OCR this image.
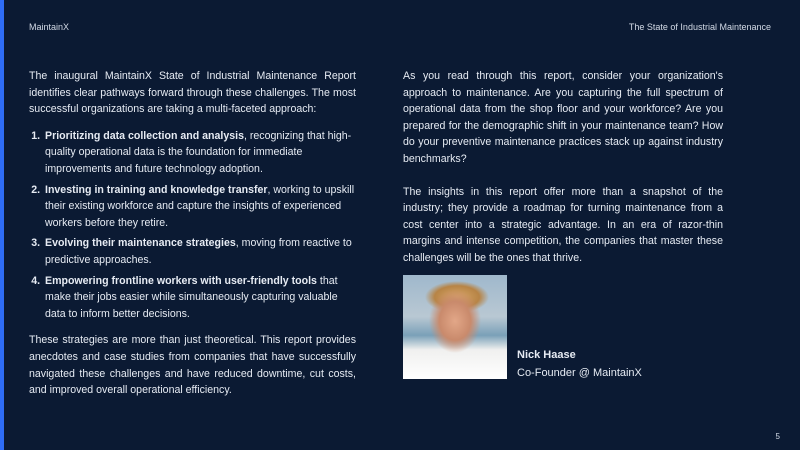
MaintainX	The State of Industrial Maintenance

The inaugural MaintainX State of Industrial Maintenance Report identifies clear pathways forward through these challenges. The most successful organizations are taking a multi-faceted approach:

1. Prioritizing data collection and analysis, recognizing that high-quality operational data is the foundation for immediate improvements and future technology adoption.
2. Investing in training and knowledge transfer, working to upskill their existing workforce and capture the insights of experienced workers before they retire.
3. Evolving their maintenance strategies, moving from reactive to predictive approaches.
4. Empowering frontline workers with user-friendly tools that make their jobs easier while simultaneously capturing valuable data to inform better decisions.

These strategies are more than just theoretical. This report provides anecdotes and case studies from companies that have successfully navigated these challenges and have reduced downtime, cut costs, and improved overall operational efficiency.

As you read through this report, consider your organization's approach to maintenance. Are you capturing the full spectrum of operational data from the shop floor and your workforce? Are you prepared for the demographic shift in your maintenance team? How do your preventive maintenance practices stack up against industry benchmarks?

The insights in this report offer more than a snapshot of the industry; they provide a roadmap for turning maintenance from a cost center into a strategic advantage. In an era of razor-thin margins and intense competition, the companies that master these challenges will be the ones that thrive.

Nick Haase
Co-Founder @ MaintainX
5
